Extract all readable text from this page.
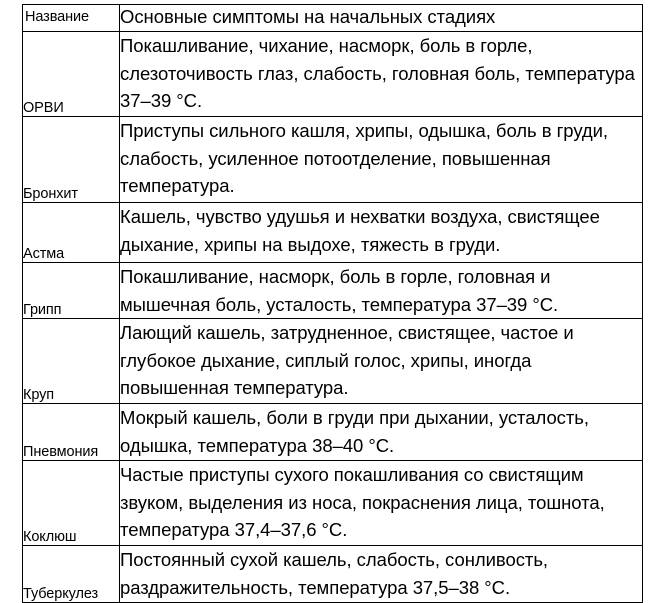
Название	Основные симптомы на начальных стадиях
ОРВИ	Покашливание, чихание, насморк, боль в горле, слезоточивость глаз, слабость, головная боль, температура 37–39 °С.
Бронхит	Приступы сильного кашля, хрипы, одышка, боль в груди, слабость, усиленное потоотделение, повышенная температура.
Астма	Кашель, чувство удушья и нехватки воздуха, свистящее дыхание, хрипы на выдохе, тяжесть в груди.
Грипп	Покашливание, насморк, боль в горле, головная и мышечная боль, усталость, температура 37–39 °С.
Круп	Лающий кашель, затрудненное, свистящее, частое и глубокое дыхание, сиплый голос, хрипы, иногда повышенная температура.
Пневмония	Мокрый кашель, боли в груди при дыхании, усталость, одышка, температура 38–40 °С.
Коклюш	Частые приступы сухого покашливания со свистящим звуком, выделения из носа, покраснения лица, тошнота, температура 37,4–37,6 °С.
Туберкулез	Постоянный сухой кашель, слабость, сонливость, раздражительность, температура 37,5–38 °С.
